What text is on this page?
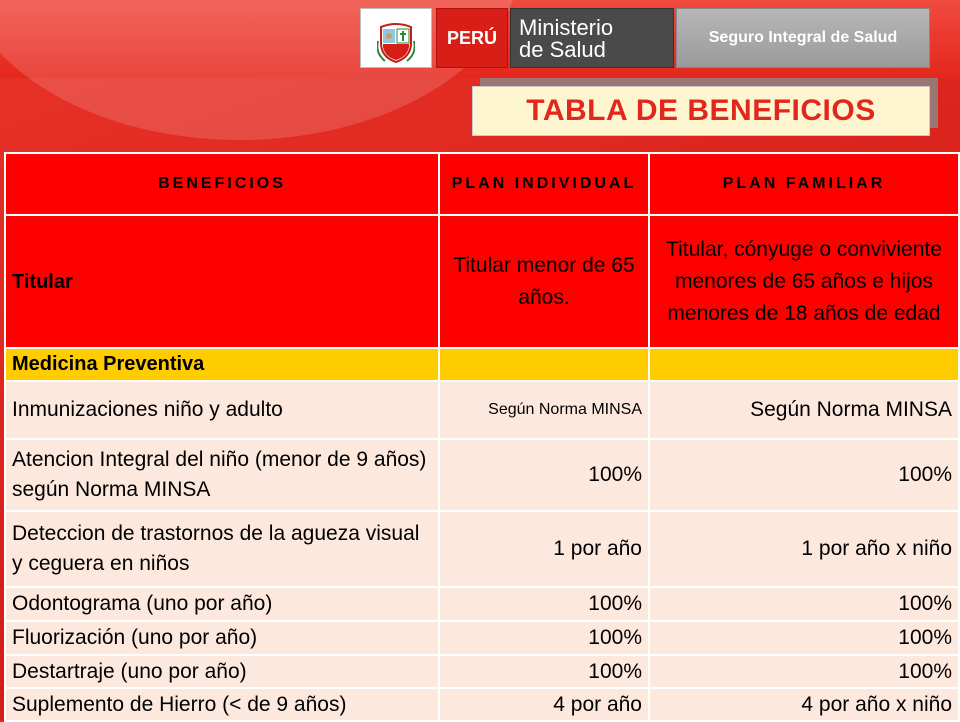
PERÚ	Ministerio
de Salud	Seguro Integral de Salud
TABLA DE BENEFICIOS
BENEFICIOS	PLAN INDIVIDUAL	PLAN FAMILIAR
Titular	Titular menor de 65 años.	Titular, cónyuge o conviviente menores de 65 años e hijos menores de 18 años de edad
Medicina Preventiva		
Inmunizaciones niño y adulto	Según Norma MINSA	Según Norma MINSA
Atencion Integral del niño (menor de 9 años) según Norma MINSA	100%	100%
Deteccion de trastornos de la agueza visual y ceguera en niños	1 por año	1 por año x niño
Odontograma (uno por año)	100%	100%
Fluorización (uno por año)	100%	100%
Destartraje (uno por año)	100%	100%
Suplemento de Hierro (< de 9 años)	4 por año	4 por año x niño
